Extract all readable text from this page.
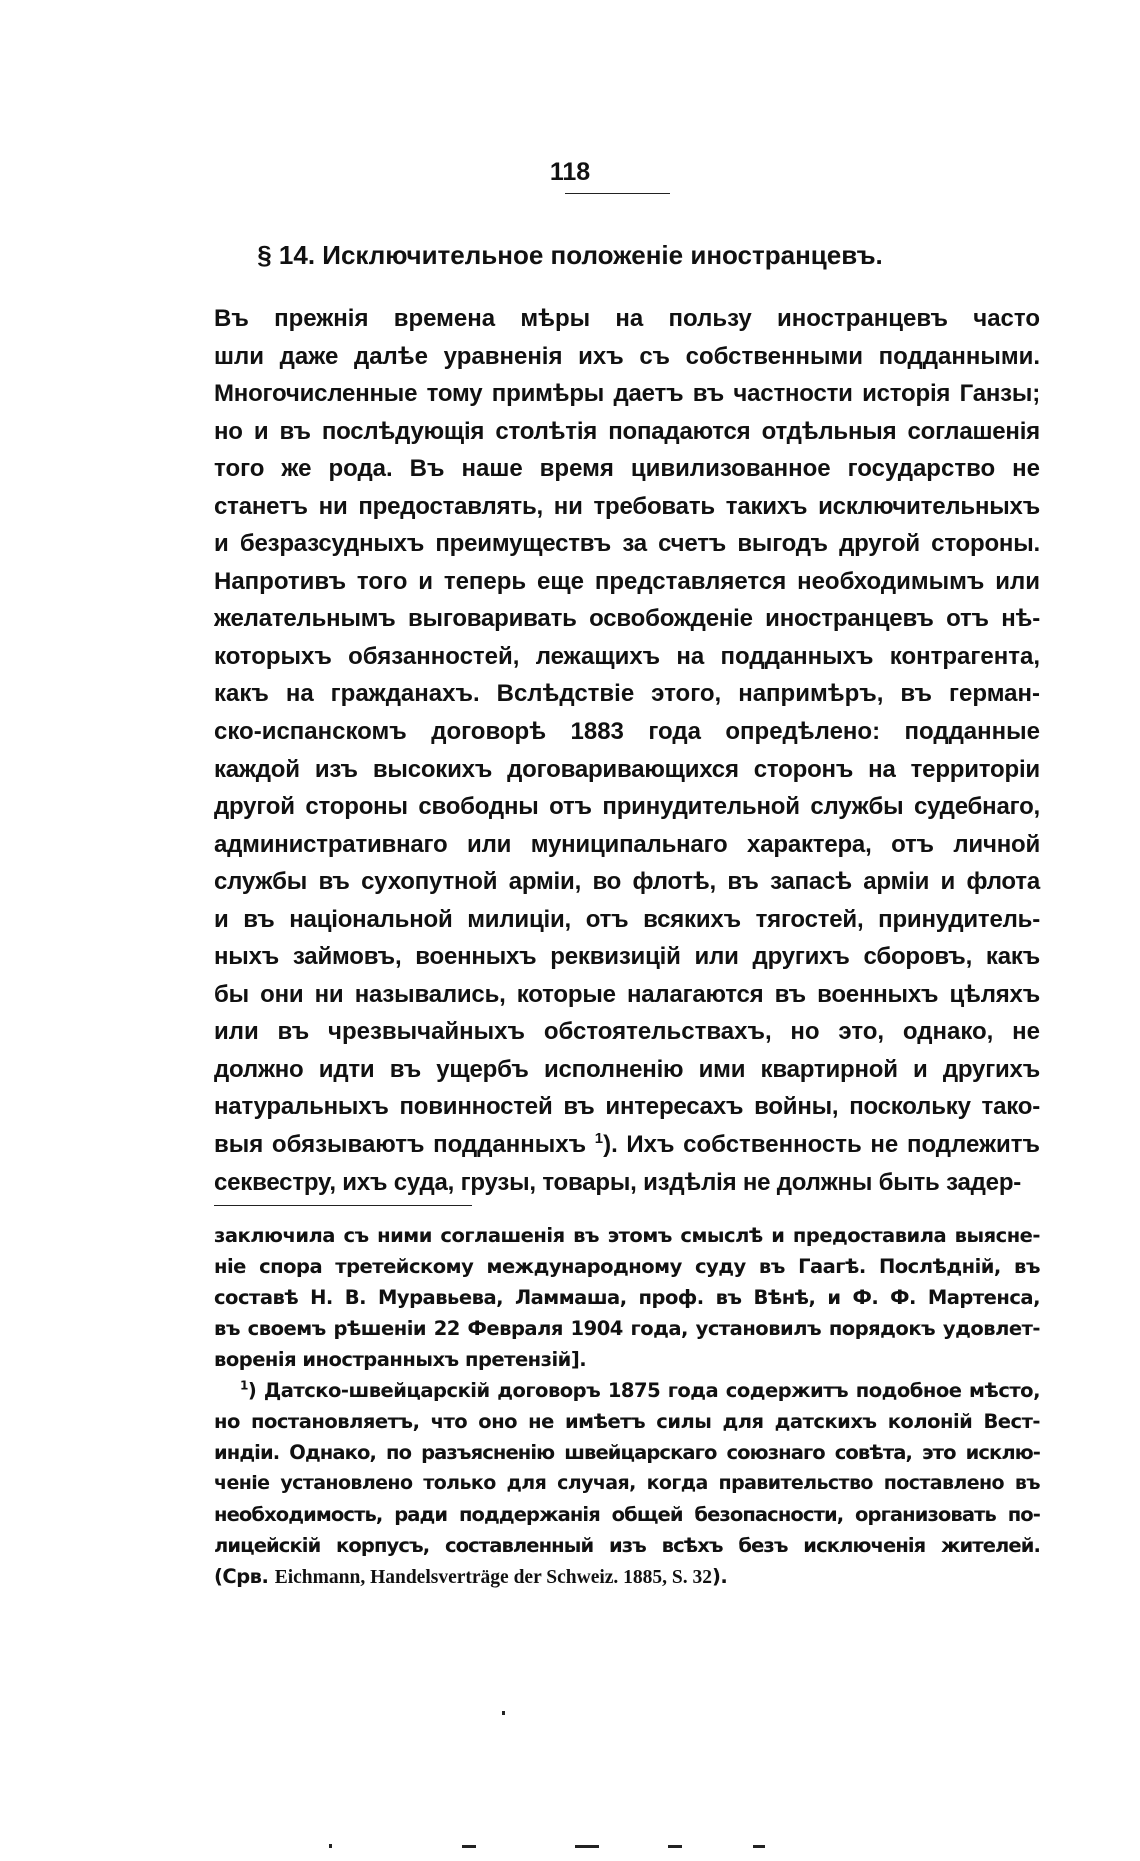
118
§ 14. Исключительное положенiе иностранцевъ.
Въ прежнiя времена мѣры на пользу иностранцевъ часто
шли даже далѣе уравненiя ихъ съ собственными подданными.
Многочисленные тому примѣры даетъ въ частности исторiя Ганзы;
но и въ послѣдующiя столѣтiя попадаются отдѣльныя соглашенiя
того же рода. Въ наше время цивилизованное государство не
станетъ ни предоставлять, ни требовать такихъ исключительныхъ
и безразсудныхъ преимуществъ за счетъ выгодъ другой стороны.
Напротивъ того и теперь еще представляется необходимымъ или
желательнымъ выговаривать освобожденiе иностранцевъ отъ нѣ-
которыхъ обязанностей, лежащихъ на подданныхъ контрагента,
какъ на гражданахъ. Вслѣдствiе этого, напримѣръ, въ герман-
ско-испанскомъ договорѣ 1883 года опредѣлено: подданные
каждой изъ высокихъ договаривающихся сторонъ на территорiи
другой стороны свободны отъ принудительной службы судебнаго,
административнаго или муниципальнаго характера, отъ личной
службы въ сухопутной армiи, во флотѣ, въ запасѣ армiи и флота
и въ нацiональной милицiи, отъ всякихъ тягостей, принудитель-
ныхъ займовъ, военныхъ реквизицiй или другихъ сборовъ, какъ
бы они ни назывались, которые налагаются въ военныхъ цѣляхъ
или въ чрезвычайныхъ обстоятельствахъ, но это, однако, не
должно идти въ ущербъ исполненiю ими квартирной и другихъ
натуральныхъ повинностей въ интересахъ войны, поскольку тако-
выя обязываютъ подданныхъ $^1$). Ихъ собственность не подлежитъ
секвестру, ихъ суда, грузы, товары, издѣлiя не должны быть задер-
заключила съ ними соглашенiя въ этомъ смыслѣ и предоставила выясне-
нiе спора третейскому международному суду въ Гаагѣ. Послѣднiй, въ
составѣ Н. В. Муравьева, Ламмаша, проф. въ Вѣнѣ, и Ф. Ф. Мартенса,
въ своемъ рѣшенiи 22 Февраля 1904 года, установилъ порядокъ удовлет-
воренiя иностранныхъ претензiй].
$^1$) Датско-швейцарскiй договоръ 1875 года содержитъ подобное мѣсто,
но постановляетъ, что оно не имѣетъ силы для датскихъ колонiй Вест-
индiи. Однако, по разъясненiю швейцарскаго союзнаго совѣта, это исклю-
ченiе установлено только для случая, когда правительство поставлено въ
необходимость, ради поддержанiя общей безопасности, организовать по-
лицейскiй корпусъ, составленный изъ всѣхъ безъ исключенiя жителей.
(Срв. Eichmann, Handelsverträge der Schweiz. 1885, S. 32).
